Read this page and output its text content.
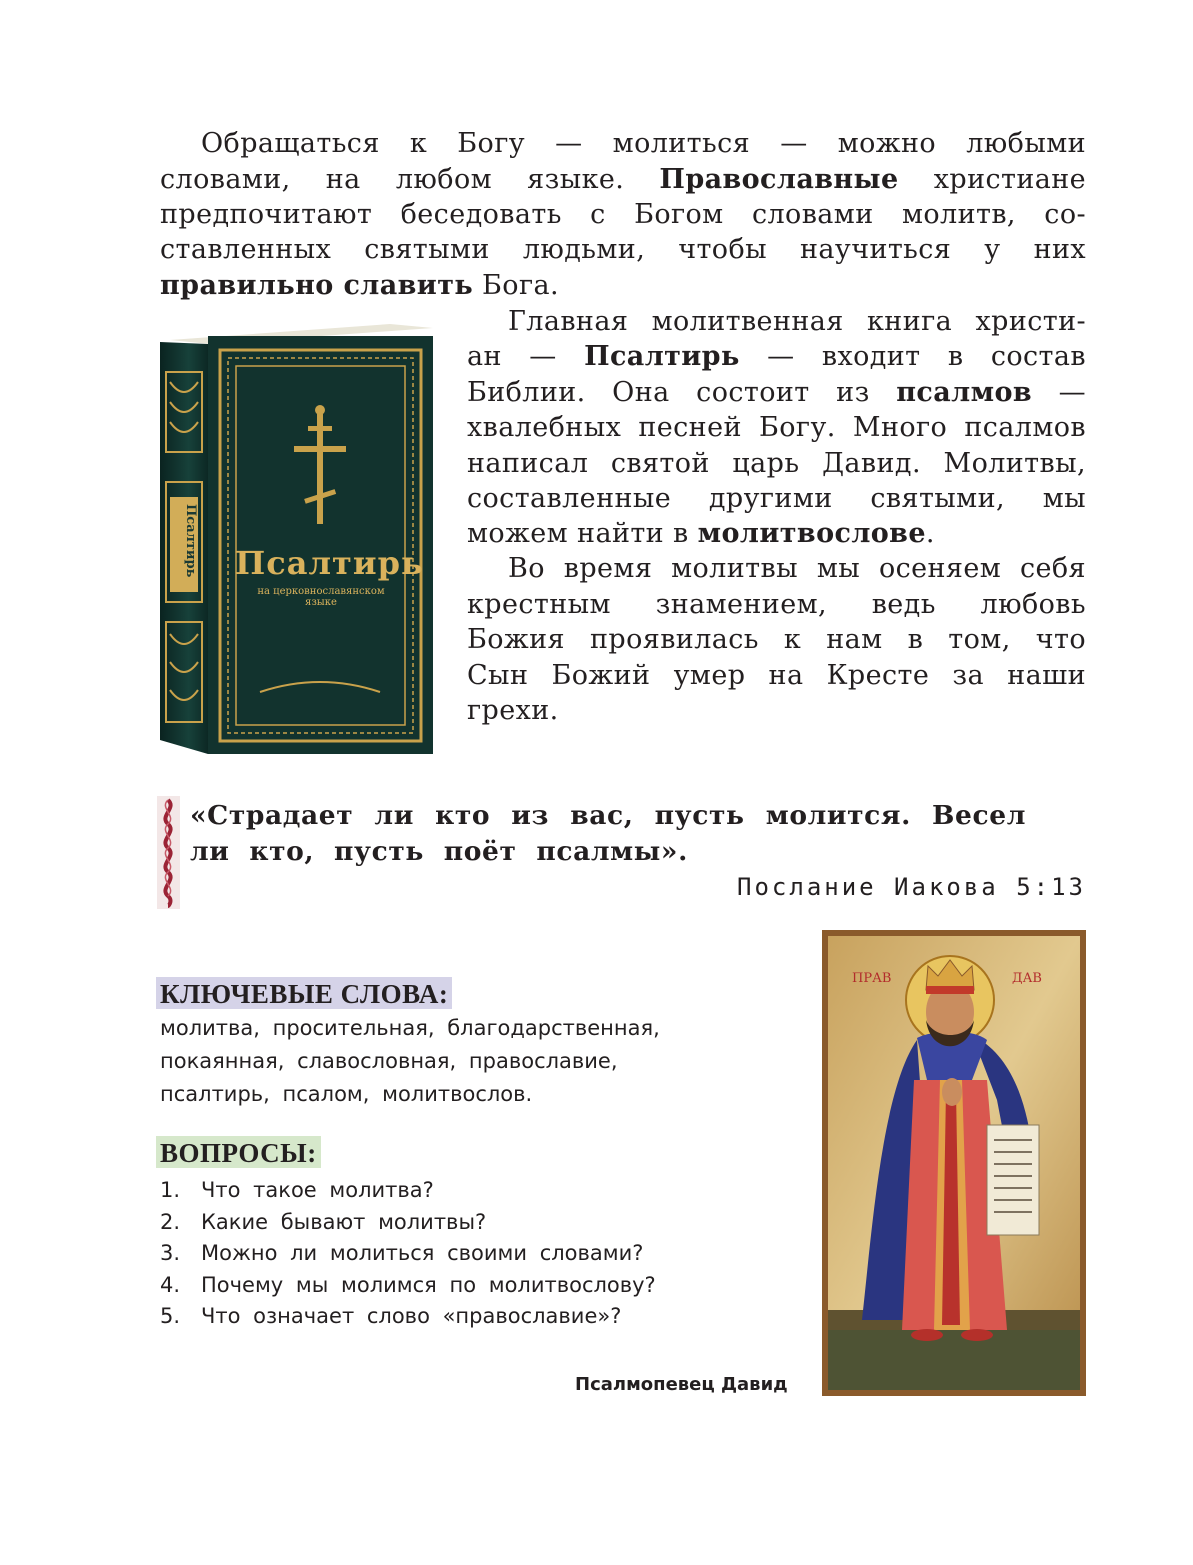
Обращаться к Богу — молиться — можно любыми
словами, на любом языке. Православные христиане
предпочитают беседовать с Богом словами молитв, со-
ставленных святыми людьми, чтобы научиться у них
правильно славить Бога.
Псалтирь
на церковнославянском
языке
Псалтирь
Главная молитвенная книга христи-
ан — Псалтирь — входит в состав
Библии. Она состоит из псалмов —
хвалебных песней Богу. Много псалмов
написал святой царь Давид. Молитвы,
составленные другими святыми, мы
можем найти в молитвослове.
Во время молитвы мы осеняем себя
крестным знамением, ведь любовь
Божия проявилась к нам в том, что
Сын Божий умер на Кресте за наши
грехи.
«Страдает ли кто из вас, пусть молится. Весел
ли кто, пусть поёт псалмы».
Послание Иакова 5:13
КЛЮЧЕВЫЕ СЛОВА:
молитва, просительная, благодарственная,
покаянная, славословная, православие,
псалтирь, псалом, молитвослов.
ВОПРОСЫ:
1. Что такое молитва?
2. Какие бывают молитвы?
3. Можно ли молиться своими словами?
4. Почему мы молимся по молитвослову?
5. Что означает слово «православие»?
ПРАВ	ДАВ
Псалмопевец Давид
